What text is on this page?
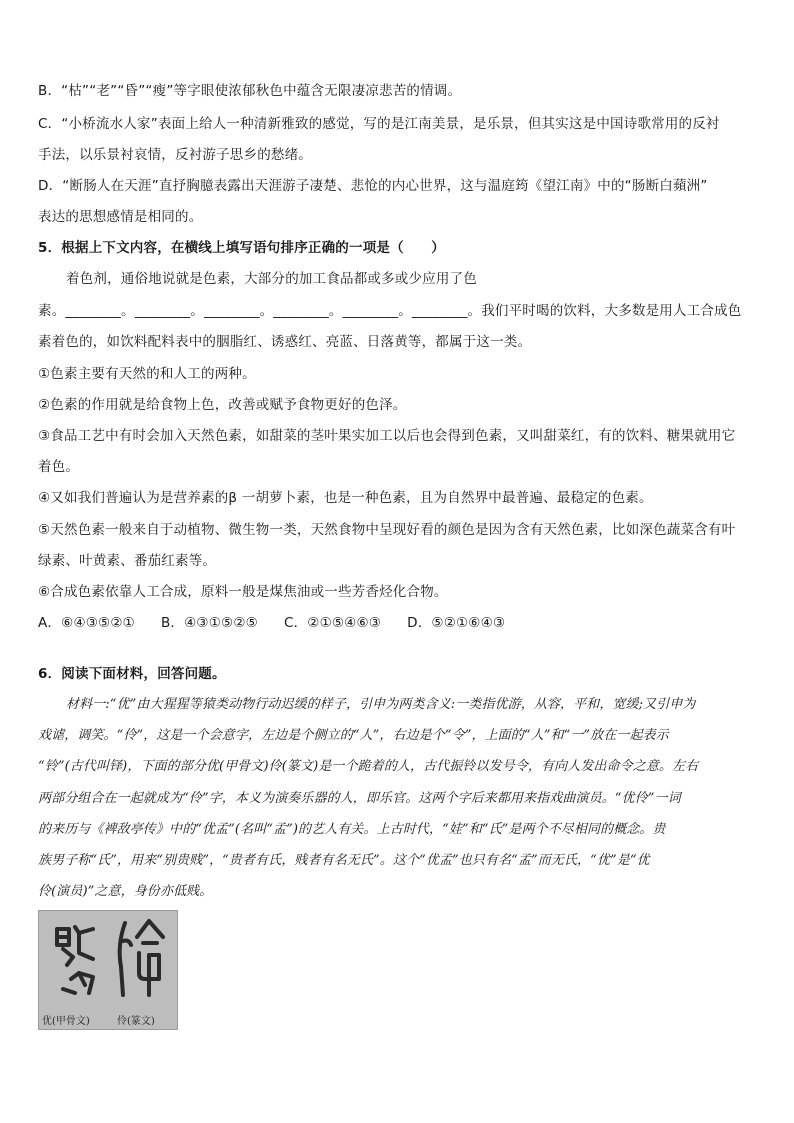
B．“枯”“老”“昏”“瘦”等字眼使浓郁秋色中蕴含无限凄凉悲苦的情调。
C．“小桥流水人家”表面上给人一种清新雅致的感觉，写的是江南美景，是乐景，但其实这是中国诗歌常用的反衬
手法，以乐景衬哀情，反衬游子思乡的愁绪。
D．“断肠人在天涯”直抒胸臆表露出天涯游子凄楚、悲怆的内心世界，这与温庭筠《望江南》中的“肠断白蘋洲”
表达的思想感情是相同的。
5．根据上下文内容，在横线上填写语句排序正确的一项是（　　）
着色剂，通俗地说就是色素，大部分的加工食品都或多或少应用了色
素。________。________。________。________。________。________。我们平时喝的饮料，大多数是用人工合成色
素着色的，如饮料配料表中的胭脂红、诱惑红、亮蓝、日落黄等，都属于这一类。
①色素主要有天然的和人工的两种。
②色素的作用就是给食物上色，改善或赋予食物更好的色泽。
③食品工艺中有时会加入天然色素，如甜菜的茎叶果实加工以后也会得到色素，又叫甜菜红，有的饮料、糖果就用它
着色。
④又如我们普遍认为是营养素的β 一胡萝卜素，也是一种色素，且为自然界中最普遍、最稳定的色素。
⑤天然色素一般来自于动植物、微生物一类，天然食物中呈现好看的颜色是因为含有天然色素，比如深色蔬菜含有叶
绿素、叶黄素、番茄红素等。
⑥合成色素依靠人工合成，原料一般是煤焦油或一些芳香烃化合物。
A．⑥④③⑤②① B．④③①⑤②⑤ C．②①⑤④⑥③ D．⑤②①⑥④③
6．阅读下面材料，回答问题。
材料一:“优”由大猩猩等猿类动物行动迟缓的样子，引申为两类含义:一类指优游，从容，平和，宽缓;又引申为
戏谑，调笑。“伶”，这是一个会意字，左边是个侧立的“人”，右边是个“令”，上面的“人”和“一”放在一起表示
“铃”(古代叫铎)，下面的部分优(甲骨文)伶(篆文)是一个跪着的人，古代振铃以发号令，有向人发出命令之意。左右
两部分组合在一起就成为“伶”字，本义为演奏乐器的人，即乐官。这两个字后来都用来指戏曲演员。“优伶”一词
的来历与《裨敌亭传》中的“优孟”(名叫“孟”)的艺人有关。上古时代，“娃”和“氏”是两个不尽相同的概念。贵
族男子称“氏”，用来“别贵贱”，“贵者有氏，贱者有名无氏”。这个“优孟”也只有名“孟”而无氏，“优”是“优
伶(演员)”之意，身份亦低贱。
优(甲骨文)	伶(篆文)
